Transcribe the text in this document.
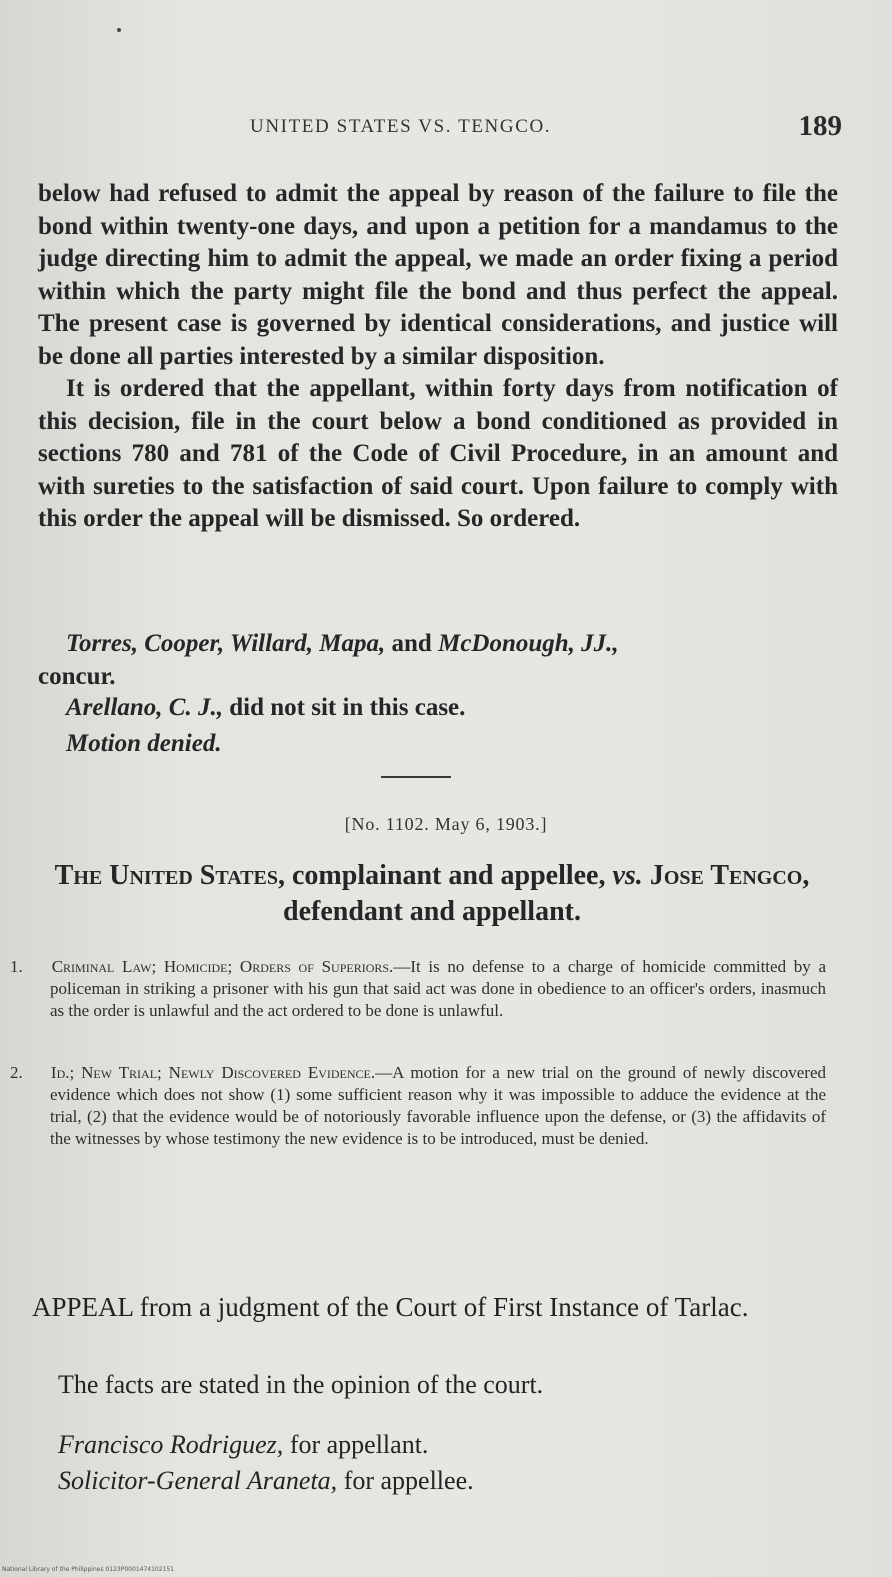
UNITED STATES VS. TENGCO.	189

below had refused to admit the appeal by reason of the failure to file the bond within twenty-one days, and upon a petition for a mandamus to the judge directing him to admit the appeal, we made an order fixing a period within which the party might file the bond and thus perfect the appeal. The present case is governed by identical considerations, and justice will be done all parties interested by a similar disposition.

It is ordered that the appellant, within forty days from notification of this decision, file in the court below a bond conditioned as provided in sections 780 and 781 of the Code of Civil Procedure, in an amount and with sureties to the satisfaction of said court. Upon failure to comply with this order the appeal will be dismissed. So ordered.

Torres, Cooper, Willard, Mapa, and McDonough, JJ.,
concur.
Arellano, C. J., did not sit in this case.
Motion denied.
[No. 1102. May 6, 1903.]
The United States, complainant and appellee, vs. Jose Tengco, defendant and appellant.
1. Criminal Law; Homicide; Orders of Superiors.—It is no defense to a charge of homicide committed by a policeman in striking a prisoner with his gun that said act was done in obedience to an officer's orders, inasmuch as the order is unlawful and the act ordered to be done is unlawful.
2. Id.; New Trial; Newly Discovered Evidence.—A motion for a new trial on the ground of newly discovered evidence which does not show (1) some sufficient reason why it was impossible to adduce the evidence at the trial, (2) that the evidence would be of notoriously favorable influence upon the defense, or (3) the affidavits of the witnesses by whose testimony the new evidence is to be introduced, must be denied.
APPEAL from a judgment of the Court of First Instance of Tarlac.
The facts are stated in the opinion of the court.
Francisco Rodriguez, for appellant.
Solicitor-General Araneta, for appellee.
National Library of the Philippines 0123P0001474102151
